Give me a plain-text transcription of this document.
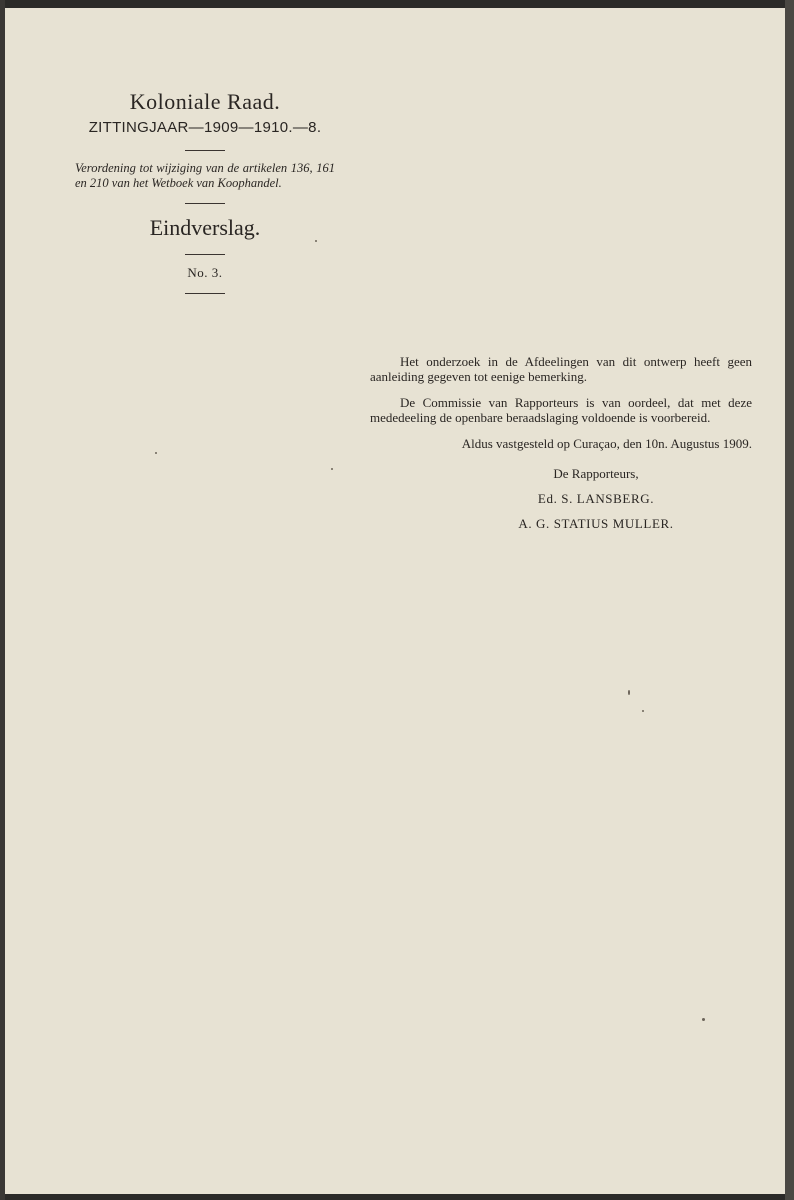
Koloniale Raad.

ZITTINGJAAR—1909—1910.—8.

Verordening tot wijziging van de artikelen 136, 161 en 210 van het Wetboek van Koophandel.

Eindverslag.

No. 3.

Het onderzoek in de Afdeelingen van dit ontwerp heeft geen aanleiding gegeven tot eenige bemerking.

De Commissie van Rapporteurs is van oordeel, dat met deze mededeeling de openbare beraadslaging voldoende is voorbereid.

Aldus vastgesteld op Curaçao, den 10n. Augustus 1909.

De Rapporteurs,

Ed. S. LANSBERG.

A. G. STATIUS MULLER.
